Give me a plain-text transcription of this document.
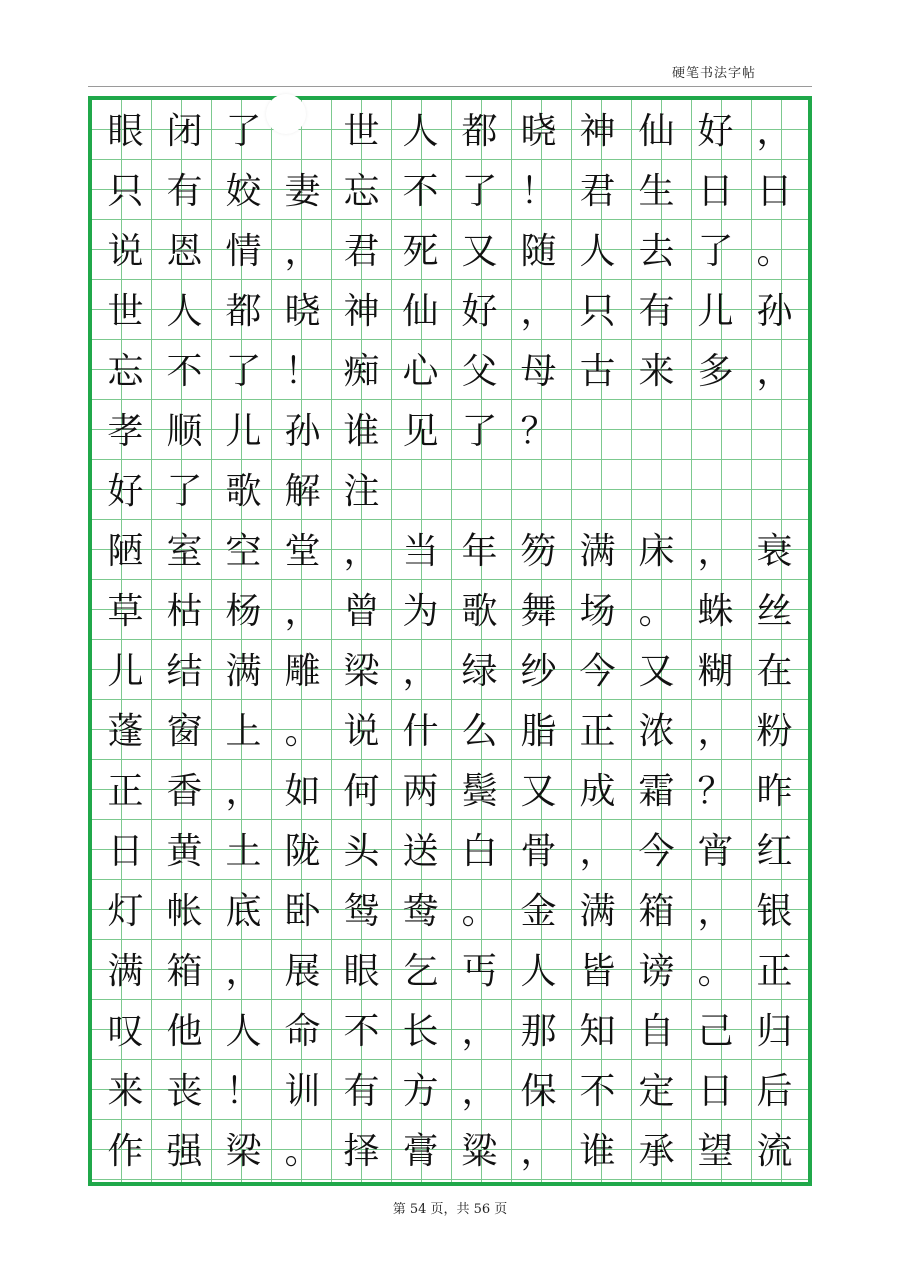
硬笔书法字帖
眼 闭 了	世 人 都 晓 神 仙 好 ，
只 有 姣 妻 忘 不 了 ！ 君 生 日 日
说 恩 情 ， 君 死 又 随 人 去 了 。
世 人 都 晓 神 仙 好 ， 只 有 儿 孙
忘 不 了 ！ 痴 心 父 母 古 来 多 ，
孝 顺 儿 孙 谁 见 了 ？
好 了 歌 解 注
陋 室 空 堂 ， 当 年 笏 满 床 ， 衰
草 枯 杨 ， 曾 为 歌 舞 场 。 蛛 丝
儿 结 满 雕 梁 ， 绿 纱 今 又 糊 在
蓬 窗 上 。 说 什 么 脂 正 浓 ， 粉
正 香 ， 如 何 两 鬓 又 成 霜 ？ 昨
日 黄 土 陇 头 送 白 骨 ， 今 宵 红
灯 帐 底 卧 鸳 鸯 。 金 满 箱 ， 银
满 箱 ， 展 眼 乞 丐 人 皆 谤 。 正
叹 他 人 命 不 长 ， 那 知 自 己 归
来 丧 ！ 训 有 方 ， 保 不 定 日 后
作 强 梁 。 择 膏 粱 ， 谁 承 望 流
第 54 页，共 56 页
